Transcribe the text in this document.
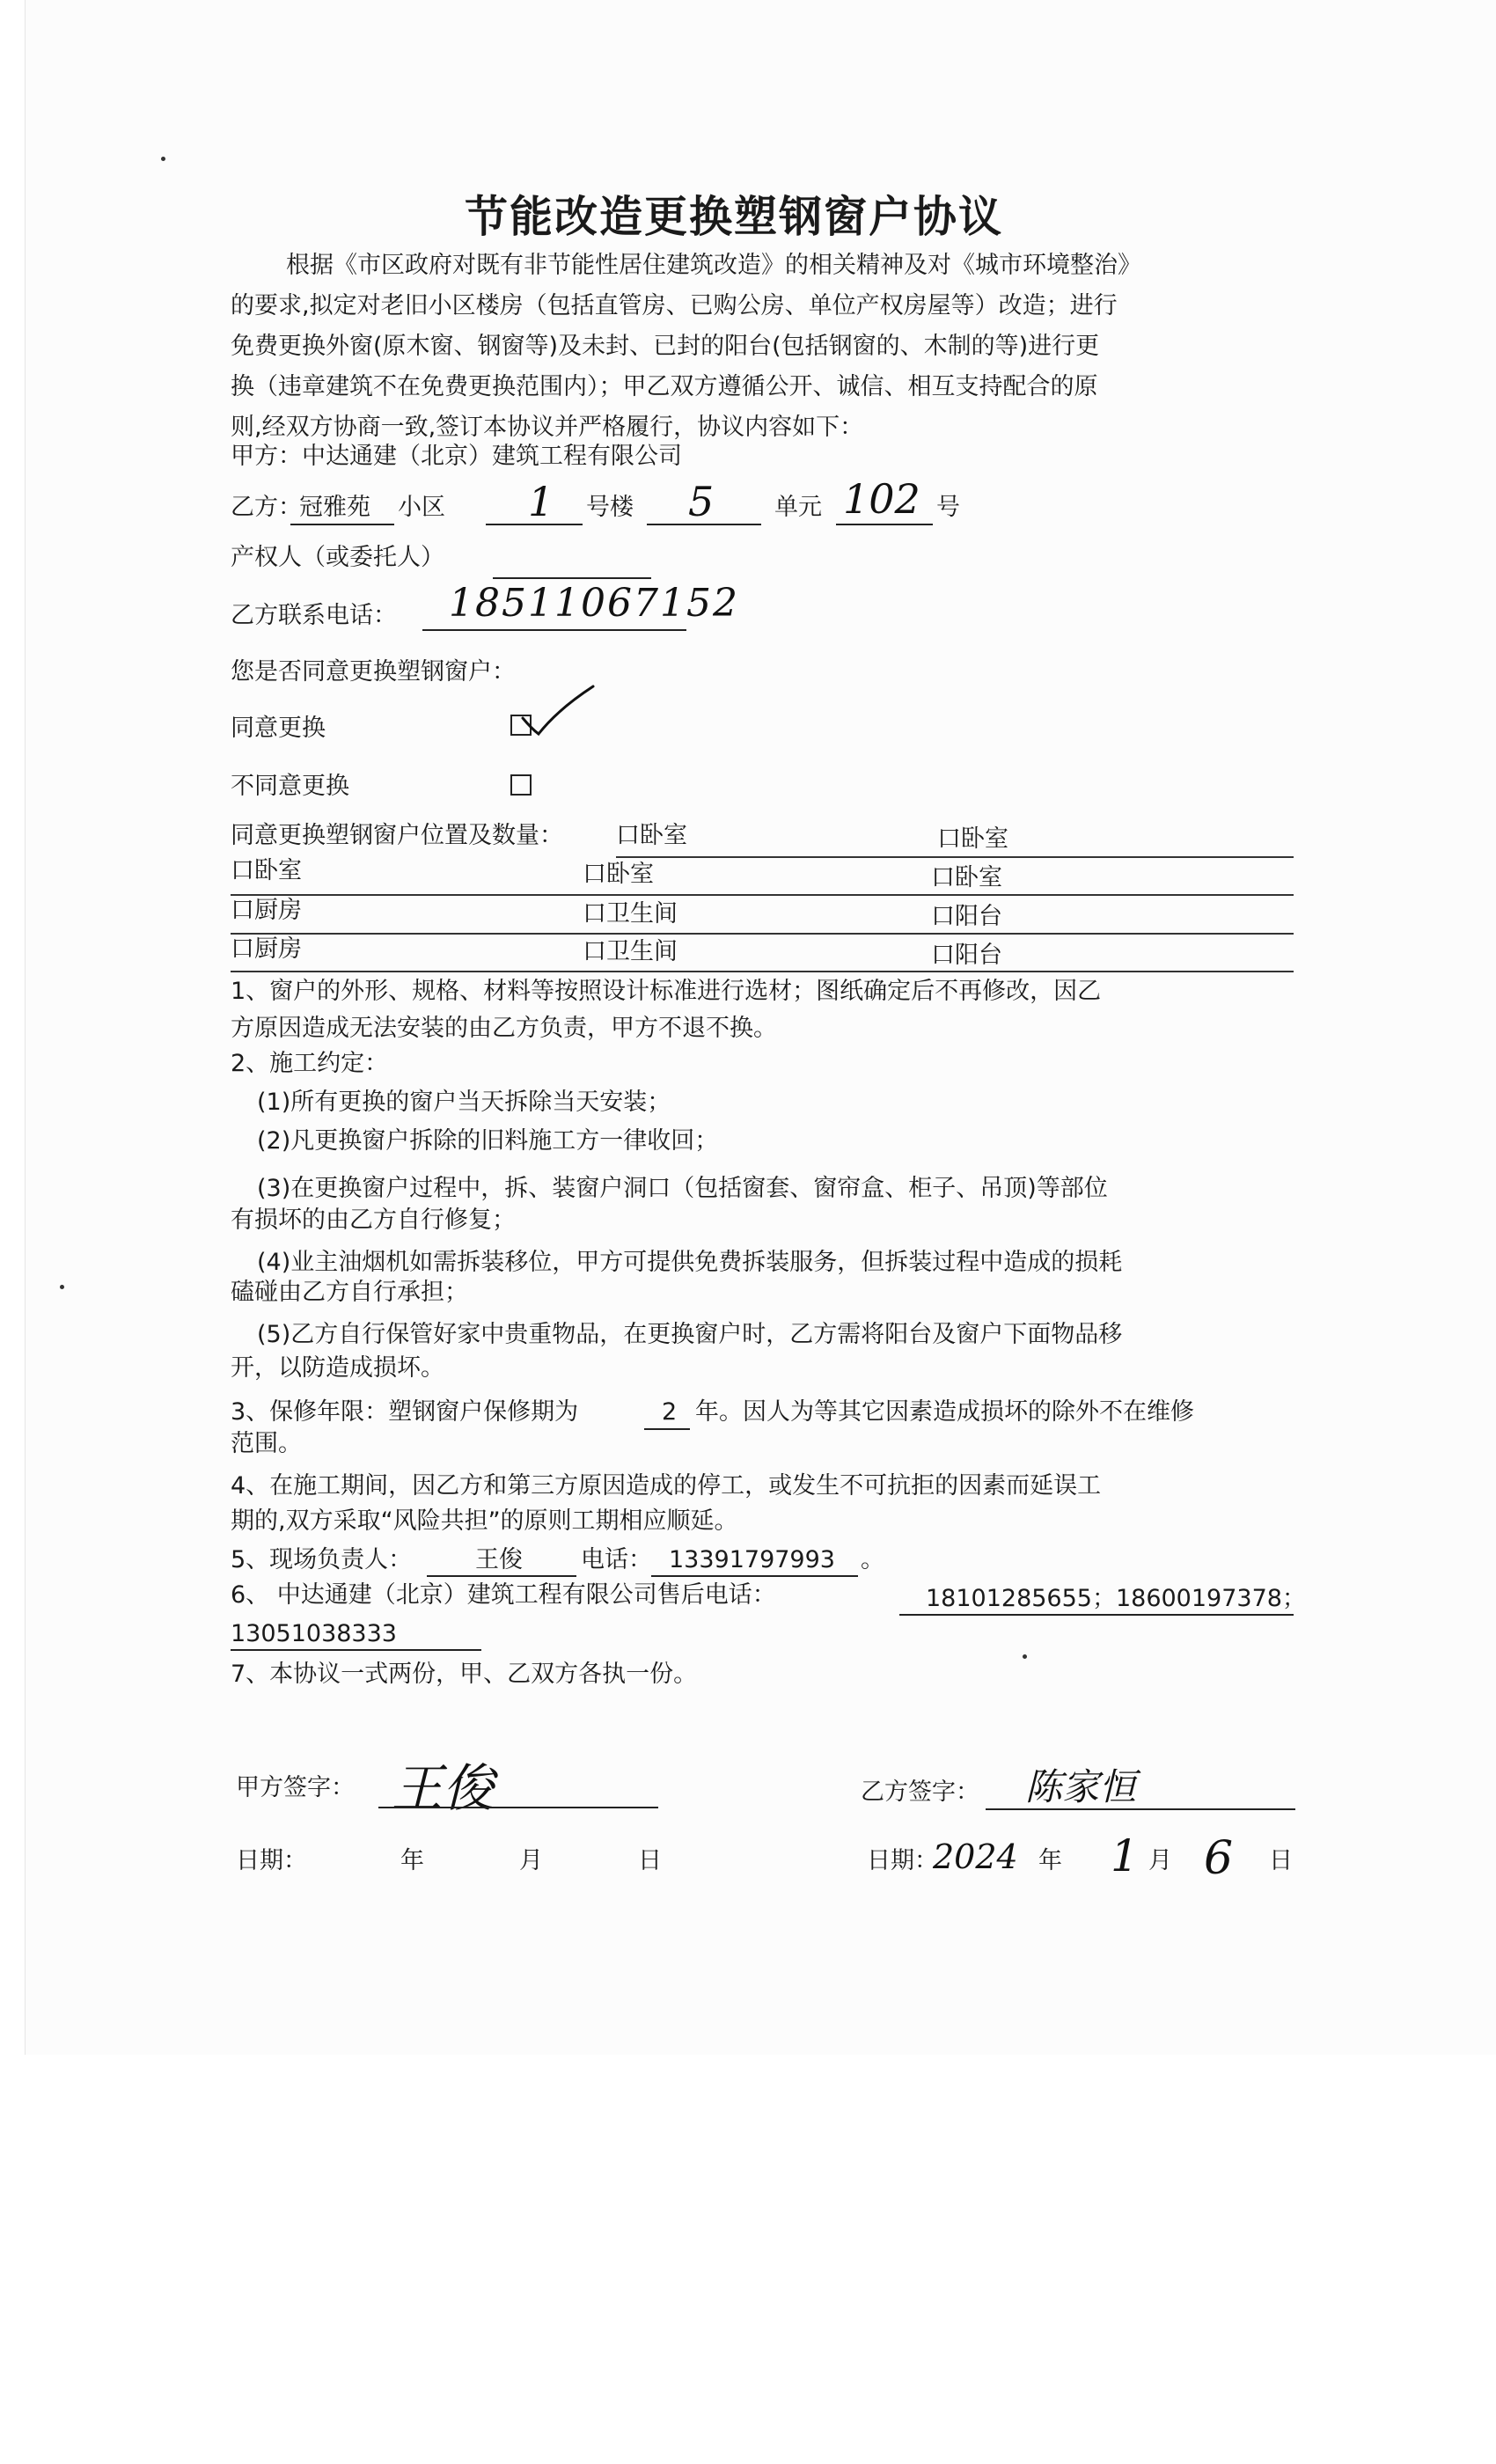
节能改造更换塑钢窗户协议
根据《市区政府对既有非节能性居住建筑改造》的相关精神及对《城市环境整治》
的要求,拟定对老旧小区楼房（包括直管房、已购公房、单位产权房屋等）改造；进行
免费更换外窗(原木窗、钢窗等)及未封、已封的阳台(包括钢窗的、木制的等)进行更
换（违章建筑不在免费更换范围内）；甲乙双方遵循公开、诚信、相互支持配合的原
则,经双方协商一致,签订本协议并严格履行，协议内容如下：
甲方：中达通建（北京）建筑工程有限公司
乙方：
冠雅苑 小区 1 号楼 5	单元 102 号
产权人（或委托人）
乙方联系电话： 18511067152
您是否同意更换塑钢窗户：
同意更换
不同意更换
同意更换塑钢窗户位置及数量： 口卧室	口卧室
口卧室	口卧室	口卧室
口厨房	口卫生间	口阳台
口厨房	口卫生间	口阳台
1、窗户的外形、规格、材料等按照设计标准进行选材；图纸确定后不再修改，因乙
方原因造成无法安装的由乙方负责，甲方不退不换。
2、施工约定：
(1)所有更换的窗户当天拆除当天安装；
(2)凡更换窗户拆除的旧料施工方一律收回；
(3)在更换窗户过程中，拆、装窗户洞口（包括窗套、窗帘盒、柜子、吊顶)等部位
有损坏的由乙方自行修复；
(4)业主油烟机如需拆装移位，甲方可提供免费拆装服务，但拆装过程中造成的损耗
磕碰由乙方自行承担；
(5)乙方自行保管好家中贵重物品，在更换窗户时，乙方需将阳台及窗户下面物品移
开，以防造成损坏。
3、保修年限：塑钢窗户保修期为	2 年。因人为等其它因素造成损坏的除外不在维修
范围。
4、在施工期间，因乙方和第三方原因造成的停工，或发生不可抗拒的因素而延误工
期的,双方采取“风险共担”的原则工期相应顺延。
5、现场负责人：	王俊 电话： 13391797993 。
6、 中达通建（北京）建筑工程有限公司售后电话：	18101285655；18600197378；
13051038333
7、本协议一式两份，甲、乙双方各执一份。
甲方签字： 王俊	乙方签字： 陈家恒
日期：	年	月	日	日期：
2024 年 1 月 6 日
